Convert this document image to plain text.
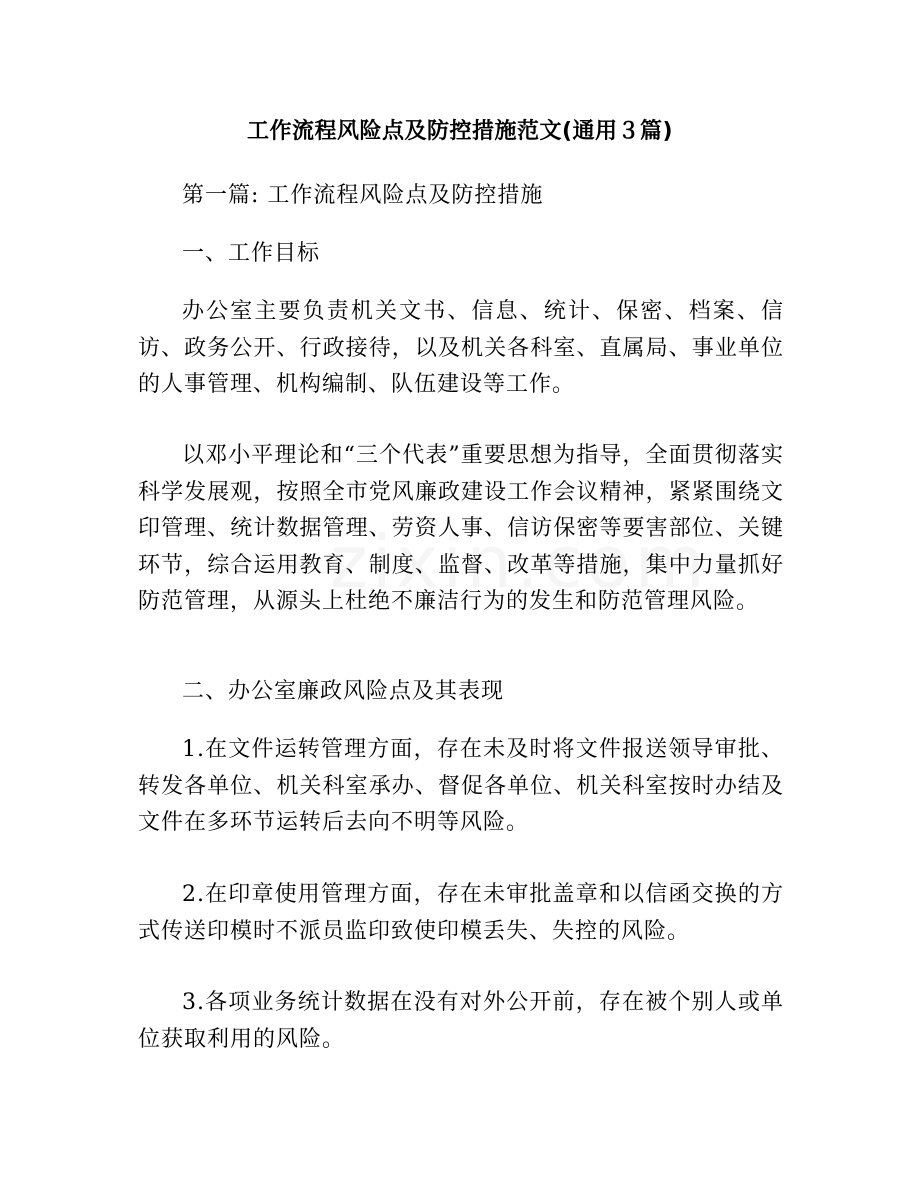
工作流程风险点及防控措施范文(通用３篇)

第一篇: 工作流程风险点及防控措施

一、工作目标

办公室主要负责机关文书、信息、统计、保密、档案、信访、政务公开、行政接待，以及机关各科室、直属局、事业单位的人事管理、机构编制、队伍建设等工作。

以邓小平理论和“三个代表”重要思想为指导，全面贯彻落实科学发展观，按照全市党风廉政建设工作会议精神，紧紧围绕文印管理、统计数据管理、劳资人事、信访保密等要害部位、关键环节，综合运用教育、制度、监督、改革等措施，集中力量抓好防范管理，从源头上杜绝不廉洁行为的发生和防范管理风险。

二、办公室廉政风险点及其表现

1.在文件运转管理方面，存在未及时将文件报送领导审批、转发各单位、机关科室承办、督促各单位、机关科室按时办结及文件在多环节运转后去向不明等风险。

2.在印章使用管理方面，存在未审批盖章和以信函交换的方式传送印模时不派员监印致使印模丢失、失控的风险。

3.各项业务统计数据在没有对外公开前，存在被个别人或单位获取利用的风险。
